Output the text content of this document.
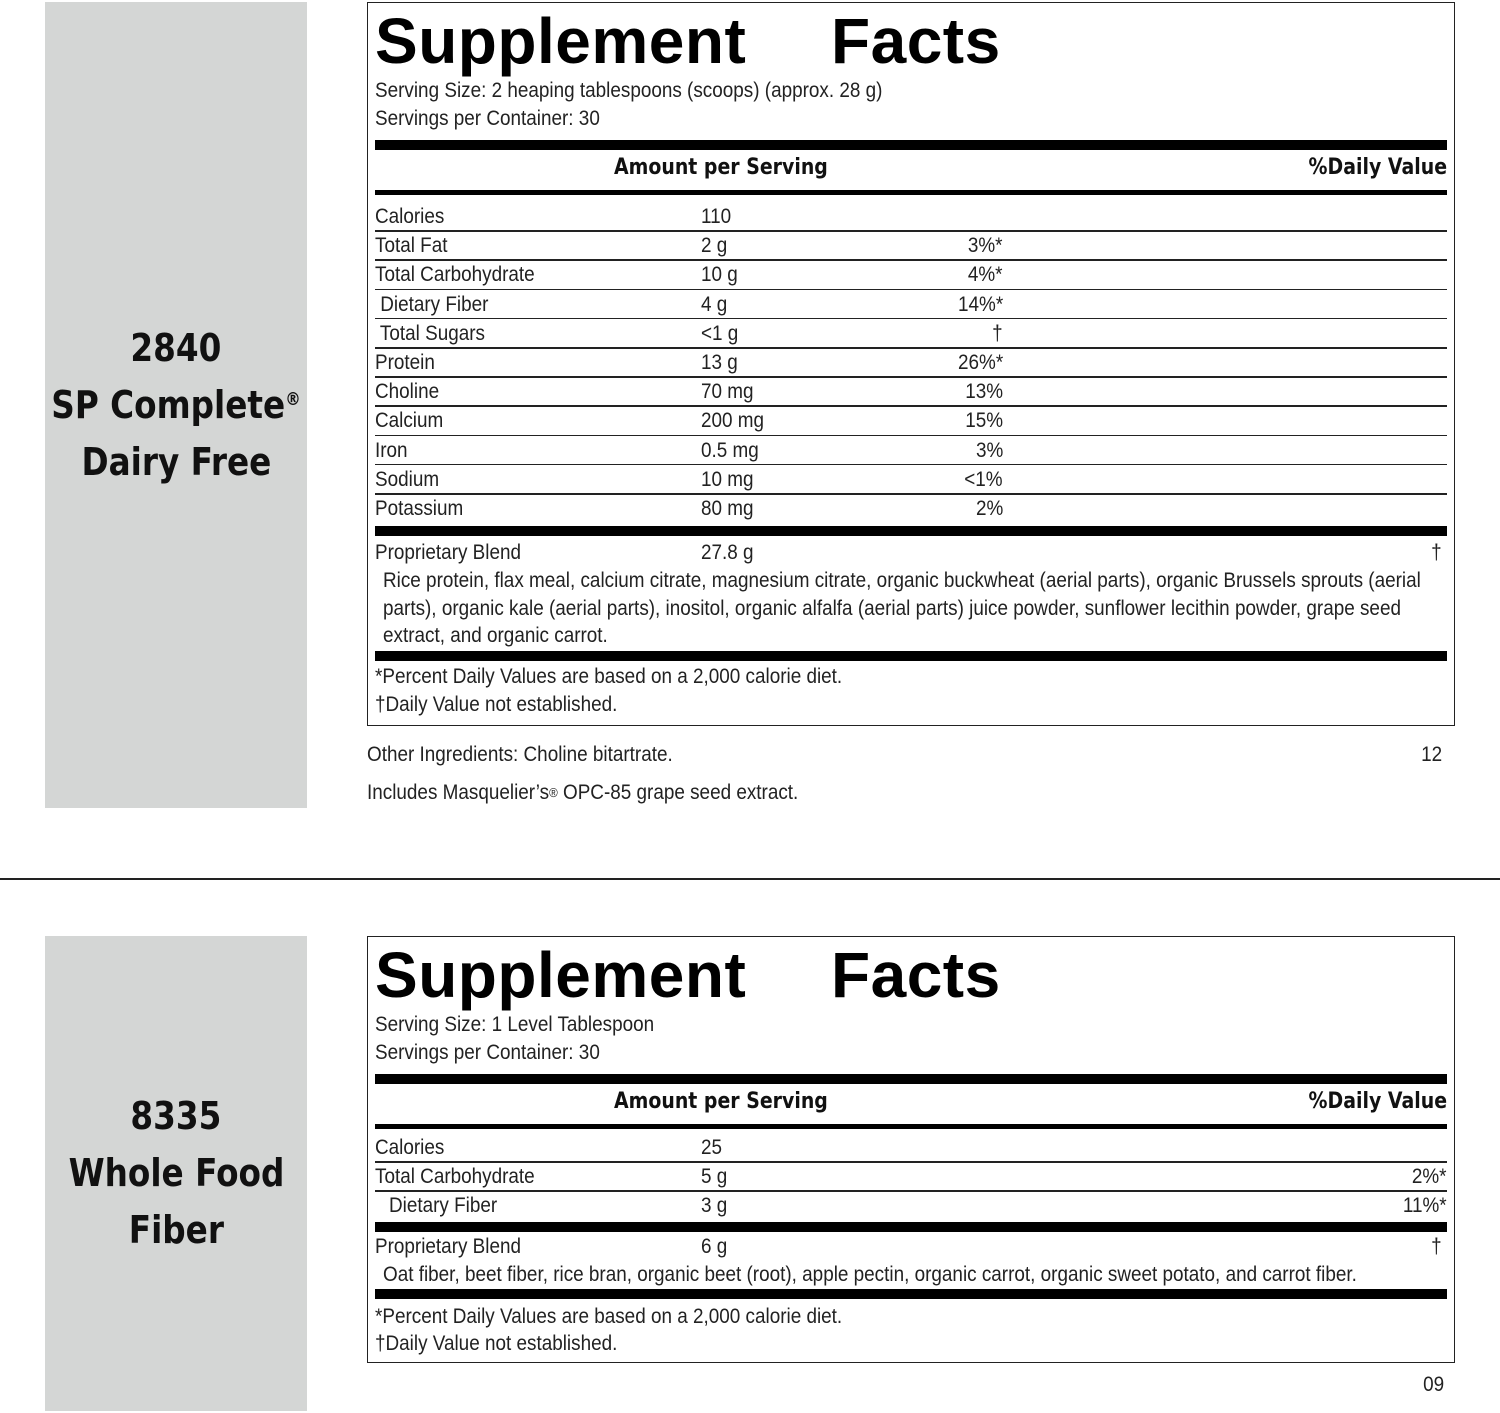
2840
SP Complete®
Dairy Free
Supplement Facts
Serving Size: 2 heaping tablespoons (scoops) (approx. 28 g)
Servings per Container: 30
Amount per Serving	%Daily Value
Calories	110
Total Fat	2 g	3%*
Total Carbohydrate	10 g	4%*
Dietary Fiber	4 g	14%*
Total Sugars	<1 g	†
Protein	13 g	26%*
Choline	70 mg	13%
Calcium	200 mg	15%
Iron	0.5 mg	3%
Sodium	10 mg	<1%
Potassium	80 mg	2%
Proprietary Blend	27.8 g	†
Rice protein, flax meal, calcium citrate, magnesium citrate, organic buckwheat (aerial parts), organic Brussels sprouts (aerial parts), organic kale (aerial parts), inositol, organic alfalfa (aerial parts) juice powder, sunflower lecithin powder, grape seed extract, and organic carrot.
*Percent Daily Values are based on a 2,000 calorie diet.
†Daily Value not established.
Other Ingredients: Choline bitartrate.
Includes Masquelier’s® OPC-85 grape seed extract.
12
8335
Whole Food
Fiber
Supplement Facts
Serving Size: 1 Level Tablespoon
Servings per Container: 30
Amount per Serving	%Daily Value
Calories	25
Total Carbohydrate	5 g	2%*
Dietary Fiber	3 g	11%*
Proprietary Blend	6 g	†
Oat fiber, beet fiber, rice bran, organic beet (root), apple pectin, organic carrot, organic sweet potato, and carrot fiber.
*Percent Daily Values are based on a 2,000 calorie diet.
†Daily Value not established.
09
